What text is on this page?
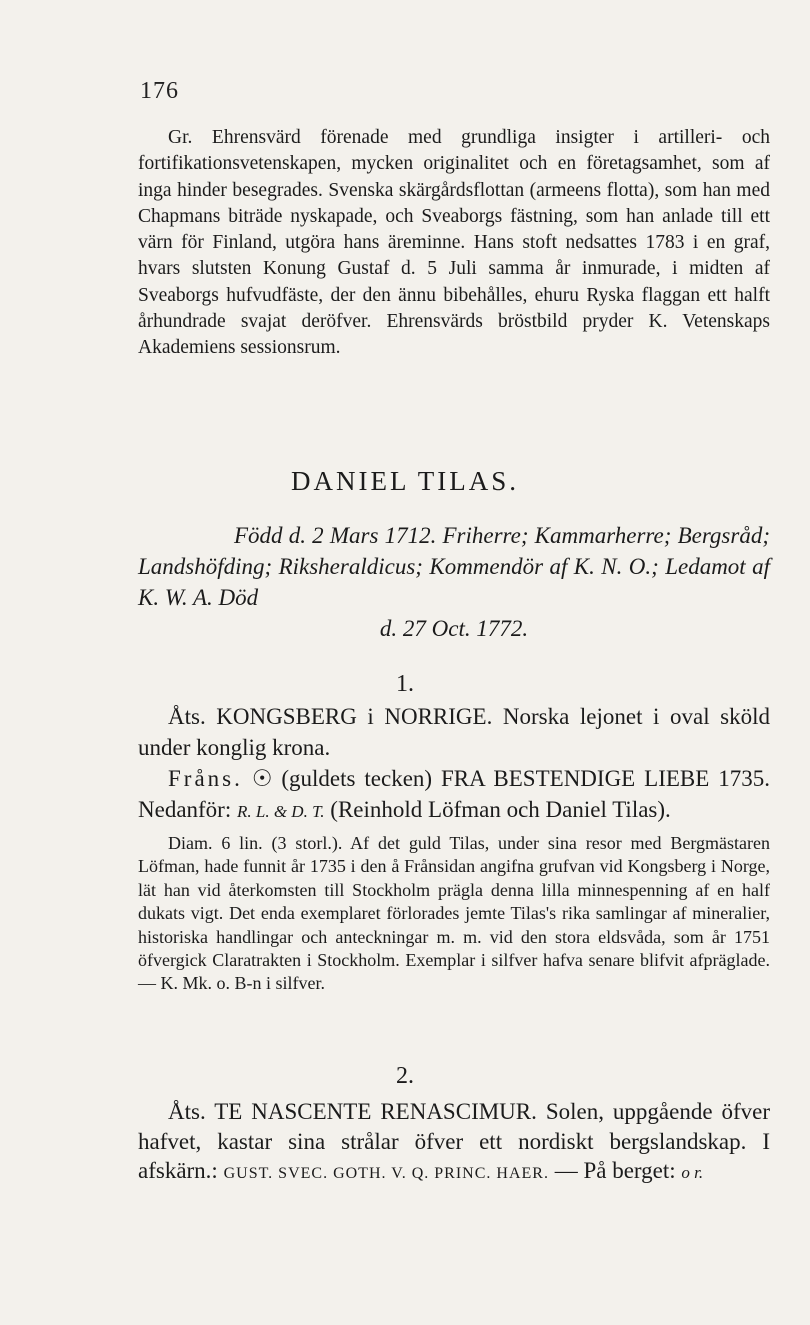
176

Gr. Ehrensvärd förenade med grundliga insigter i artilleri- och fortifikationsvetenskapen, mycken originalitet och en företagsamhet, som af inga hinder besegrades. Svenska skärgårdsflottan (armeens flotta), som han med Chapmans biträde nyskapade, och Sveaborgs fästning, som han anlade till ett värn för Finland, utgöra hans äreminne. Hans stoft nedsattes 1783 i en graf, hvars slutsten Konung Gustaf d. 5 Juli samma år inmurade, i midten af Sveaborgs hufvudfäste, der den ännu bibehålles, ehuru Ryska flaggan ett halft århundrade svajat deröfver. Ehrensvärds bröstbild pryder K. Vetenskaps Akademiens sessionsrum.

DANIEL TILAS.

Född d. 2 Mars 1712. Friherre; Kammarherre; Bergsråd; Landshöfding; Riksheraldicus; Kommendör af K. N. O.; Ledamot af K. W. A. Död
d. 27 Oct. 1772.

1.

Åts. KONGSBERG i NORRIGE. Norska lejonet i oval sköld under konglig krona.

Fråns. ☉ (guldets tecken) FRA BESTENDIGE LIEBE 1735. Nedanför: R. L. & D. T. (Reinhold Löfman och Daniel Tilas).

Diam. 6 lin. (3 storl.). Af det guld Tilas, under sina resor med Bergmästaren Löfman, hade funnit år 1735 i den å Frånsidan angifna grufvan vid Kongsberg i Norge, lät han vid återkomsten till Stockholm prägla denna lilla minnespenning af en half dukats vigt. Det enda exemplaret förlorades jemte Tilas's rika samlingar af mineralier, historiska handlingar och anteckningar m. m. vid den stora eldsvåda, som år 1751 öfvergick Claratrakten i Stockholm. Exemplar i silfver hafva senare blifvit afpräglade. — K. Mk. o. B-n i silfver.

2.

Åts. TE NASCENTE RENASCIMUR. Solen, uppgående öfver hafvet, kastar sina strålar öfver ett nordiskt bergslandskap. I afskärn.: GUST. SVEC. GOTH. V. Q. PRINC. HAER. — På berget: o r.
